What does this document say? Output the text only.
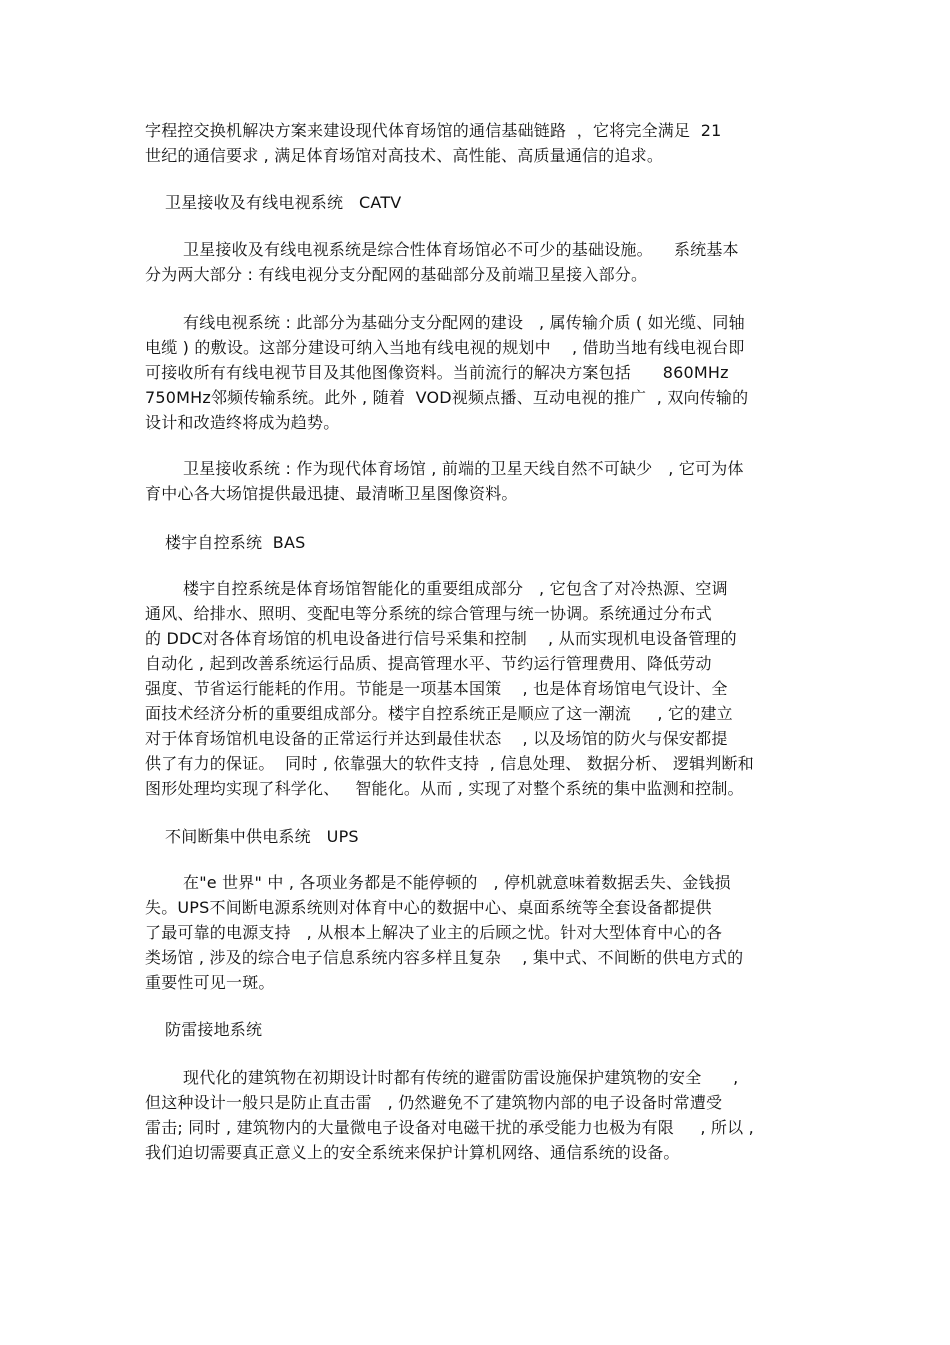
字程控交换机解决方案来建设现代体育场馆的通信基础链路  ，它将完全满足  21
世纪的通信要求 , 满足体育场馆对高技术、高性能、高质量通信的追求。
卫星接收及有线电视系统   CATV
卫星接收及有线电视系统是综合性体育场馆必不可少的基础设施。    系统基本
分为两大部分 : 有线电视分支分配网的基础部分及前端卫星接入部分。
有线电视系统 : 此部分为基础分支分配网的建设   , 属传输介质 ( 如光缆、同轴
电缆 ) 的敷设。这部分建设可纳入当地有线电视的规划中    , 借助当地有线电视台即
可接收所有有线电视节目及其他图像资料。当前流行的解决方案包括      860MHz
750MHz邻频传输系统。此外 , 随着  VOD视频点播、互动电视的推广  , 双向传输的
设计和改造终将成为趋势。
卫星接收系统 : 作为现代体育场馆 , 前端的卫星天线自然不可缺少   , 它可为体
育中心各大场馆提供最迅捷、最清晰卫星图像资料。
楼宇自控系统  BAS
楼宇自控系统是体育场馆智能化的重要组成部分   , 它包含了对冷热源、空调
通风、给排水、照明、变配电等分系统的综合管理与统一协调。系统通过分布式
的 DDC对各体育场馆的机电设备进行信号采集和控制    , 从而实现机电设备管理的
自动化 , 起到改善系统运行品质、提高管理水平、节约运行管理费用、降低劳动
强度、节省运行能耗的作用。节能是一项基本国策    , 也是体育场馆电气设计、全
面技术经济分析的重要组成部分。楼宇自控系统正是顺应了这一潮流     , 它的建立
对于体育场馆机电设备的正常运行并达到最佳状态    , 以及场馆的防火与保安都提
供了有力的保证。  同时 , 依靠强大的软件支持  , 信息处理、 数据分析、 逻辑判断和
图形处理均实现了科学化、   智能化。从而 , 实现了对整个系统的集中监测和控制。
不间断集中供电系统   UPS
在"e 世界" 中 , 各项业务都是不能停顿的   , 停机就意味着数据丢失、金钱损
失。UPS不间断电源系统则对体育中心的数据中心、桌面系统等全套设备都提供
了最可靠的电源支持   , 从根本上解决了业主的后顾之忧。针对大型体育中心的各
类场馆 , 涉及的综合电子信息系统内容多样且复杂    , 集中式、不间断的供电方式的
重要性可见一斑。
防雷接地系统
现代化的建筑物在初期设计时都有传统的避雷防雷设施保护建筑物的安全      ,
但这种设计一般只是防止直击雷   , 仍然避免不了建筑物内部的电子设备时常遭受
雷击; 同时 , 建筑物内的大量微电子设备对电磁干扰的承受能力也极为有限     , 所以 ,
我们迫切需要真正意义上的安全系统来保护计算机网络、通信系统的设备。
